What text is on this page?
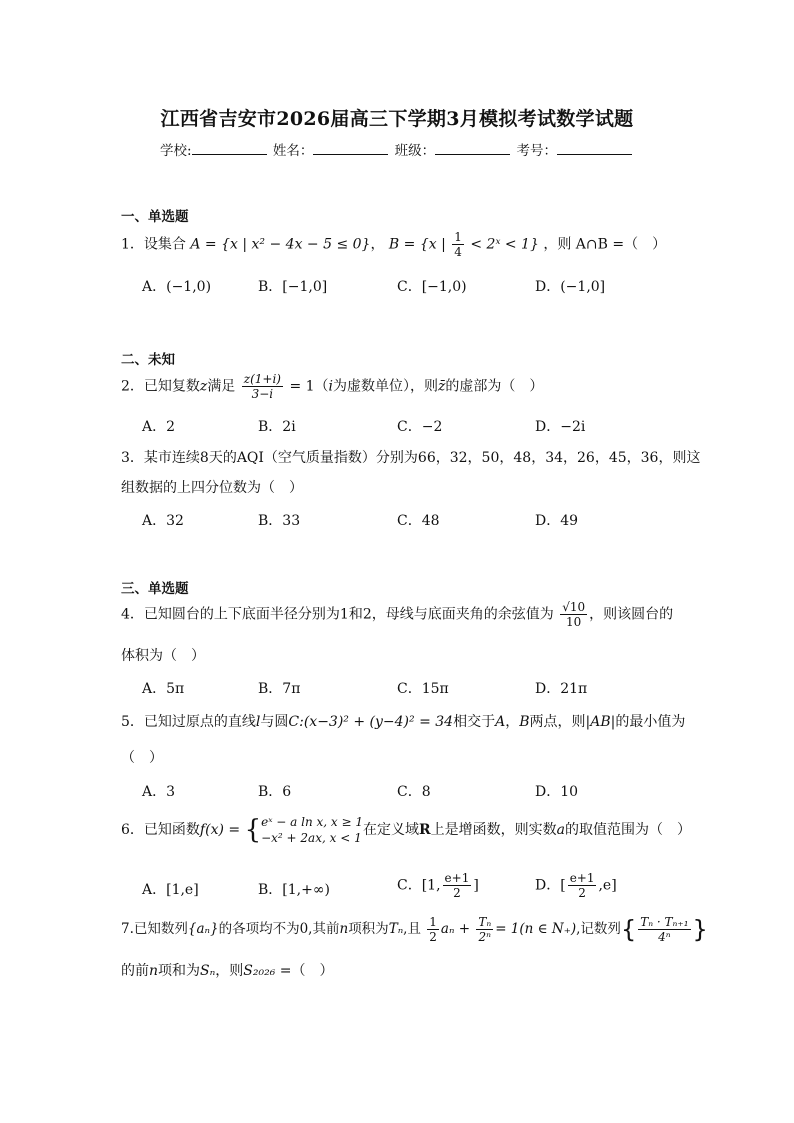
江西省吉安市2026届高三下学期3月模拟考试数学试题
学校:	姓名：	班级：	考号：
一、单选题
1．设集合 A = {x | x² − 4x − 5 ≤ 0}， B = {x | $\frac{1}{4}$ < 2ˣ < 1} ，则 A∩B =（　）
A．(−1,0)	B．[−1,0]	C．[−1,0)	D．(−1,0]
二、未知
2．已知复数z满足 $\frac{z(1+i)}{3-i} = 1(i$为虚数单位），则z̄的虚部为（　）
A．2	B．2i	C．−2	D．−2i
3．某市连续8天的AQI（空气质量指数）分别为66，32，50，48，34，26，45，36，则这
组数据的上四分位数为（　）
A．32	B．33	C．48	D．49
三、单选题
4．已知圆台的上下底面半径分别为1和2，母线与底面夹角的余弦值为 $\frac{√10}{10}$ ，则该圆台的
体积为（　）
A．5π	B．7π	C．15π	D．21π
5．已知过原点的直线l与圆C:(x−3)² + (y−4)² = 34相交于A，B两点，则|AB|的最小值为
（　）
A．3	B．6	C．8	D．10
6．已知函数f(x) = { eˣ − a ln x, x ≥ 1
−x² + 2ax, x < 1 在定义域R上是增函数，则实数a的取值范围为（　）
A．[1,e]	B．[1,+∞)	C．[1, $\frac{e+1}{2}$ ]	D．[ $\frac{e+1}{2} ,e$]
7.已知数列{aₙ}的各项均不为0,其前n项积为Tₙ,且 $\frac{1}{2}$ $a_n + \frac{\text{Tₙ}}{\text{2ⁿ}} = 1(n$ ∈ N₊),记数列{ $\frac{\text{Tₙ · Tₙ₊₁}}{\text{4ⁿ}}$ }
的前n项和为Sₙ，则S₂₀₂₆ =（　）
